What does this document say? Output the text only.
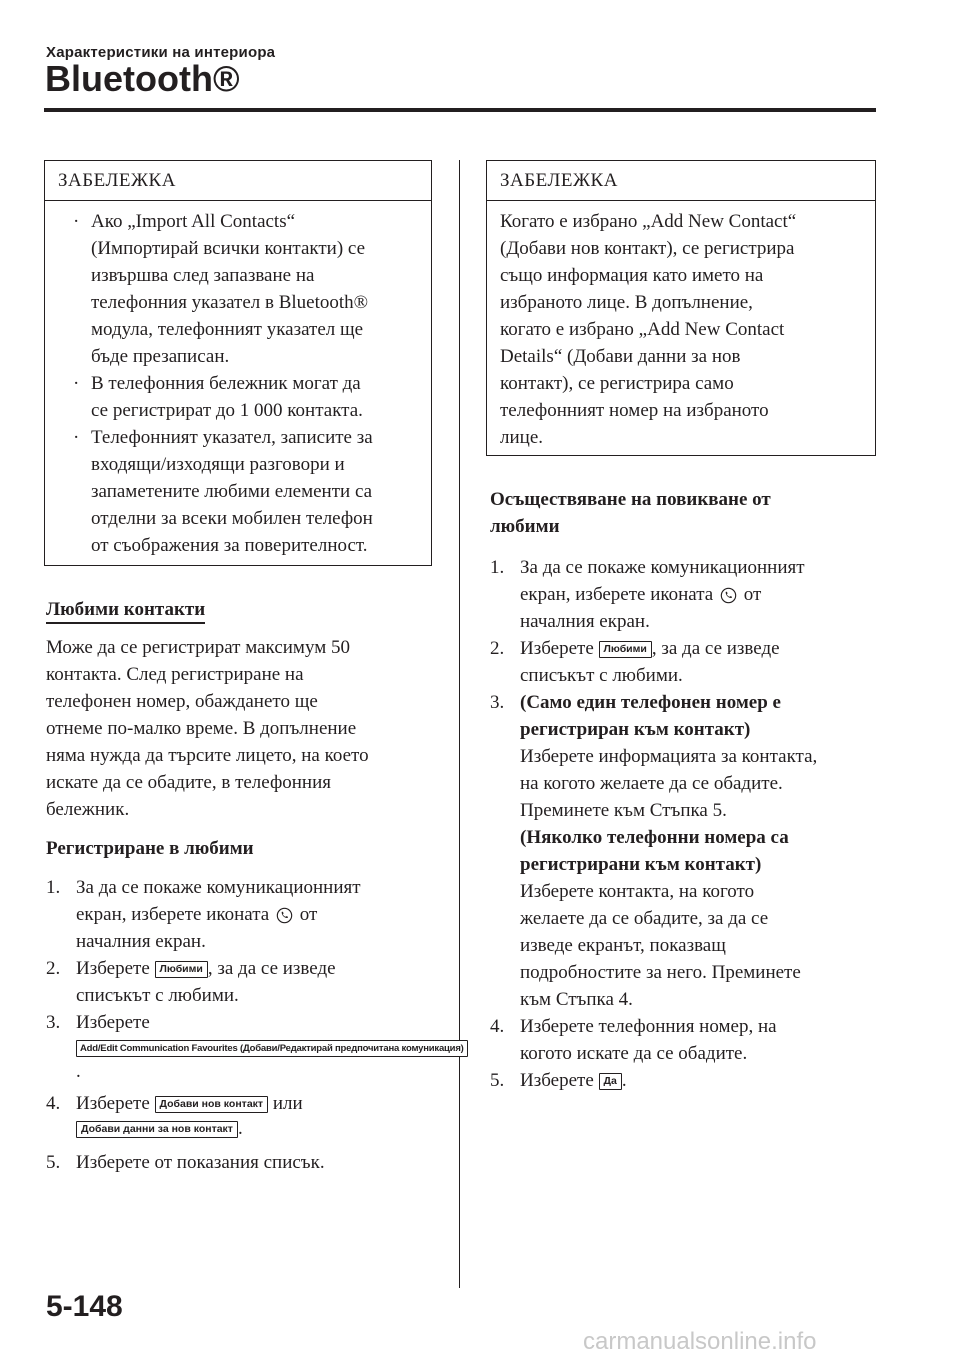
Характеристики на интериора
Bluetooth®
ЗАБЕЛЕЖКА
· Ако „Import All Contacts“
(Импортирай всички контакти) се
извършва след запазване на
телефонния указател в Bluetooth®
модула, телефонният указател ще
бъде презаписан.
· В телефонния бележник могат да
се регистрират до 1 000 контакта.
· Телефонният указател, записите за
входящи/изходящи разговори и
запаметените любими елементи са
отделни за всеки мобилен телефон
от съображения за поверителност.
Любими контакти
Може да се регистрират максимум 50
контакта. След регистриране на
телефонен номер, обаждането ще
отнеме по-малко време. В допълнение
няма нужда да търсите лицето, на което
искате да се обадите, в телефонния
бележник.
Регистриране в любими
1. За да се покаже комуникационният
екран, изберете иконата от
началния екран.
2. Изберете Любими , за да се изведе
списъкът с любими.
3. Изберете
Add/Edit Communication Favourites (Добави/Редактирай предпочитана комуникация).
4. Изберете Добави нов контакт или
Добави данни за нов контакт .
5. Изберете от показания списък.
ЗАБЕЛЕЖКА
Когато е избрано „Add New Contact“
(Добави нов контакт), се регистрира
също информация като името на
избраното лице. В допълнение,
когато е избрано „Add New Contact
Details“ (Добави данни за нов
контакт), се регистрира само
телефонният номер на избраното
лице.
Осъществяване на повикване от
любими
1. За да се покаже комуникационният
екран, изберете иконата от
началния екран.
2. Изберете Любими , за да се изведе
списъкът с любими.
3. (Само един телефонен номер е
регистриран към контакт)
Изберете информацията за контакта,
на когото желаете да се обадите.
Преминете към Стъпка 5.
(Няколко телефонни номера са
регистрирани към контакт)
Изберете контакта, на когото
желаете да се обадите, за да се
изведе екранът, показващ
подробностите за него. Преминете
към Стъпка 4.
4. Изберете телефонния номер, на
когото искате да се обадите.
5. Изберете Да .
5-148
carmanualsonline.info
